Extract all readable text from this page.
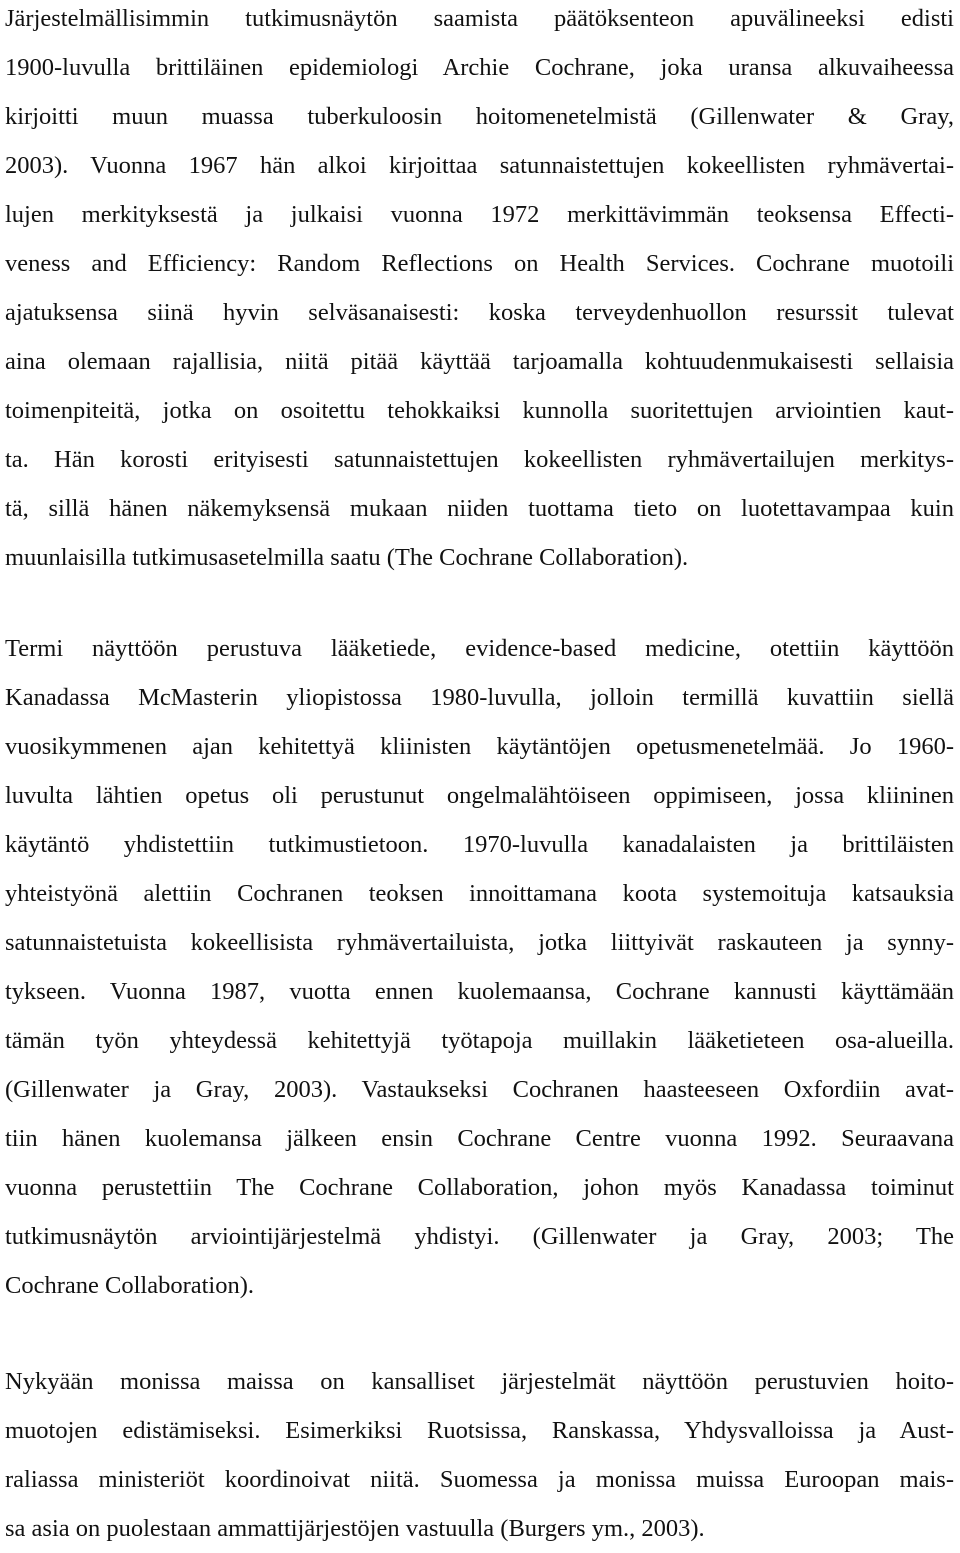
Järjestelmällisimmin tutkimusnäytön saamista päätöksenteon apuvälineeksi edisti
1900-luvulla brittiläinen epidemiologi Archie Cochrane, joka uransa alkuvaiheessa
kirjoitti muun muassa tuberkuloosin hoitomenetelmistä (Gillenwater & Gray,
2003). Vuonna 1967 hän alkoi kirjoittaa satunnaistettujen kokeellisten ryhmävertai-
lujen merkityksestä ja julkaisi vuonna 1972 merkittävimmän teoksensa Effecti-
veness and Efficiency: Random Reflections on Health Services. Cochrane muotoili
ajatuksensa siinä hyvin selväsanaisesti: koska terveydenhuollon resurssit tulevat
aina olemaan rajallisia, niitä pitää käyttää tarjoamalla kohtuudenmukaisesti sellaisia
toimenpiteitä, jotka on osoitettu tehokkaiksi kunnolla suoritettujen arviointien kaut-
ta. Hän korosti erityisesti satunnaistettujen kokeellisten ryhmävertailujen merkitys-
tä, sillä hänen näkemyksensä mukaan niiden tuottama tieto on luotettavampaa kuin
muunlaisilla tutkimusasetelmilla saatu (The Cochrane Collaboration).
Termi näyttöön perustuva lääketiede, evidence-based medicine, otettiin käyttöön
Kanadassa McMasterin yliopistossa 1980-luvulla, jolloin termillä kuvattiin siellä
vuosikymmenen ajan kehitettyä kliinisten käytäntöjen opetusmenetelmää. Jo 1960-
luvulta lähtien opetus oli perustunut ongelmalähtöiseen oppimiseen, jossa kliininen
käytäntö yhdistettiin tutkimustietoon. 1970-luvulla kanadalaisten ja brittiläisten
yhteistyönä alettiin Cochranen teoksen innoittamana koota systemoituja katsauksia
satunnaistetuista kokeellisista ryhmävertailuista, jotka liittyivät raskauteen ja synny-
tykseen. Vuonna 1987, vuotta ennen kuolemaansa, Cochrane kannusti käyttämään
tämän työn yhteydessä kehitettyjä työtapoja muillakin lääketieteen osa-alueilla.
(Gillenwater ja Gray, 2003). Vastaukseksi Cochranen haasteeseen Oxfordiin avat-
tiin hänen kuolemansa jälkeen ensin Cochrane Centre vuonna 1992. Seuraavana
vuonna perustettiin The Cochrane Collaboration, johon myös Kanadassa toiminut
tutkimusnäytön arviointijärjestelmä yhdistyi. (Gillenwater ja Gray, 2003; The
Cochrane Collaboration).
Nykyään monissa maissa on kansalliset järjestelmät näyttöön perustuvien hoito-
muotojen edistämiseksi. Esimerkiksi Ruotsissa, Ranskassa, Yhdysvalloissa ja Aust-
raliassa ministeriöt koordinoivat niitä. Suomessa ja monissa muissa Euroopan mais-
sa asia on puolestaan ammattijärjestöjen vastuulla (Burgers ym., 2003).
